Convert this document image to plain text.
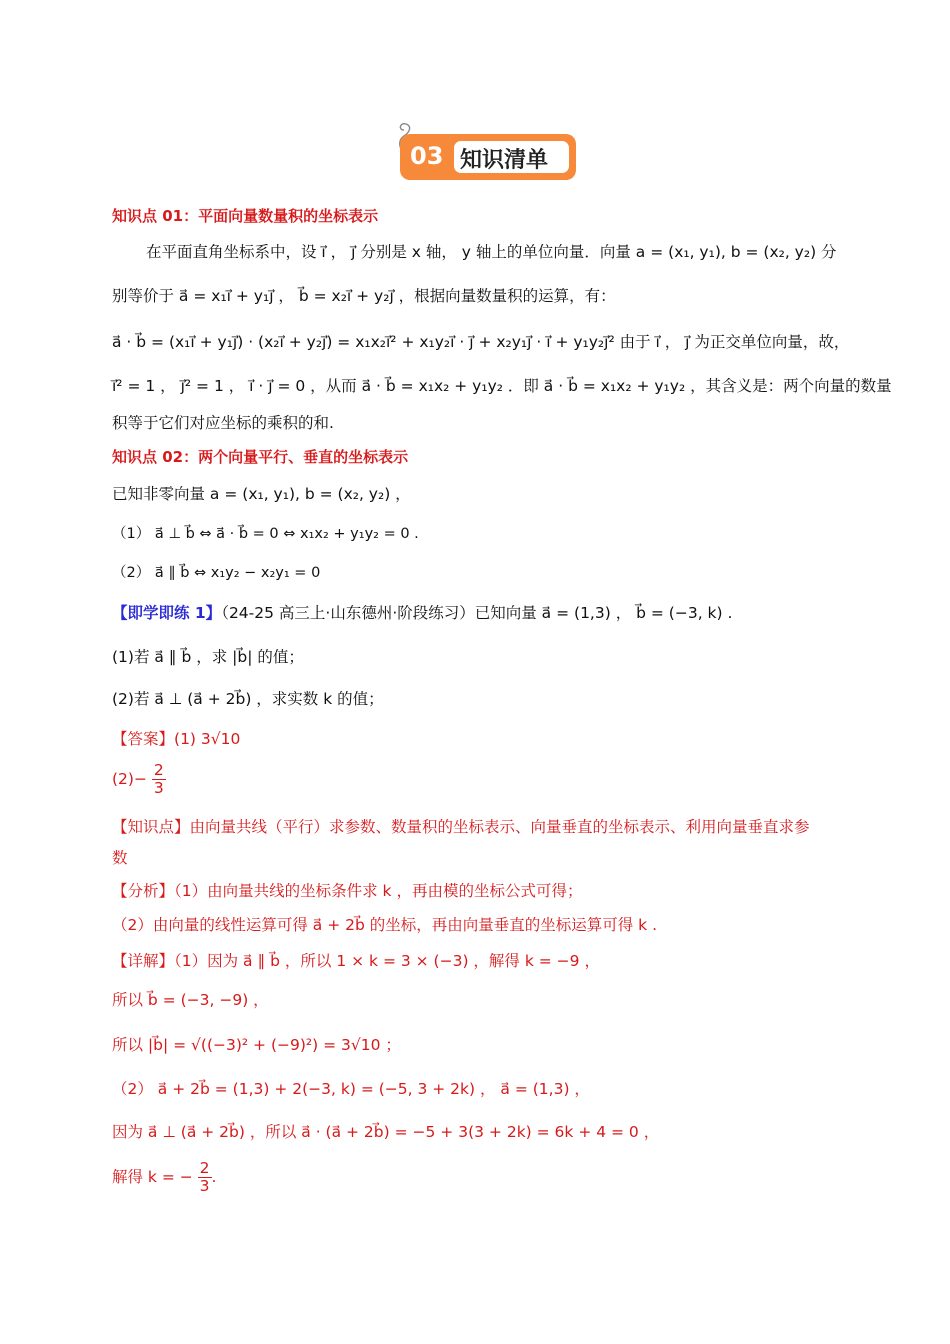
03 知识清单
知识点 01：平面向量数量积的坐标表示
在平面直角坐标系中，设 i⃗ ， j⃗ 分别是 x 轴， y 轴上的单位向量．向量 a = (x₁, y₁), b = (x₂, y₂) 分
别等价于 a⃗ = x₁i⃗ + y₁j⃗ ， b⃗ = x₂i⃗ + y₂j⃗ ，根据向量数量积的运算，有：
a⃗ · b⃗ = (x₁i⃗ + y₁j⃗) · (x₂i⃗ + y₂j⃗) = x₁x₂i⃗² + x₁y₂i⃗ · j⃗ + x₂y₁j⃗ · i⃗ + y₁y₂j⃗² 由于 i⃗ ， j⃗ 为正交单位向量，故，
i⃗² = 1 ， j⃗² = 1 ， i⃗ · j⃗ = 0 ，从而 a⃗ · b⃗ = x₁x₂ + y₁y₂ ．即 a⃗ · b⃗ = x₁x₂ + y₁y₂ ，其含义是：两个向量的数量
积等于它们对应坐标的乘积的和.
知识点 02：两个向量平行、垂直的坐标表示
已知非零向量 a = (x₁, y₁), b = (x₂, y₂) ，
（1） a⃗ ⊥ b⃗ ⇔ a⃗ · b⃗ = 0 ⇔ x₁x₂ + y₁y₂ = 0 .
（2） a⃗ ∥ b⃗ ⇔ x₁y₂ − x₂y₁ = 0
【即学即练 1】（24-25 高三上·山东德州·阶段练习）已知向量 a⃗ = (1,3) ， b⃗ = (−3, k) .
(1)若 a⃗ ∥ b⃗ ，求 |b⃗| 的值；
(2)若 a⃗ ⊥ (a⃗ + 2b⃗) ，求实数 k 的值；
【答案】(1) 3√10
$(2)- \frac{2}{3}$
【知识点】由向量共线（平行）求参数、数量积的坐标表示、向量垂直的坐标表示、利用向量垂直求参
数
【分析】（1）由向量共线的坐标条件求 k ，再由模的坐标公式可得；
（2）由向量的线性运算可得 a⃗ + 2b⃗ 的坐标，再由向量垂直的坐标运算可得 k .
【详解】（1）因为 a⃗ ∥ b⃗ ，所以 1 × k = 3 × (−3) ，解得 k = −9 ，
所以 b⃗ = (−3, −9) ，
所以 |b⃗| = √((−3)² + (−9)²) = 3√10 ；
（2） a⃗ + 2b⃗ = (1,3) + 2(−3, k) = (−5, 3 + 2k) ， a⃗ = (1,3) ，
因为 a⃗ ⊥ (a⃗ + 2b⃗) ，所以 a⃗ · (a⃗ + 2b⃗) = −5 + 3(3 + 2k) = 6k + 4 = 0 ，
解得 k = − $\frac{2}{3}$ .
